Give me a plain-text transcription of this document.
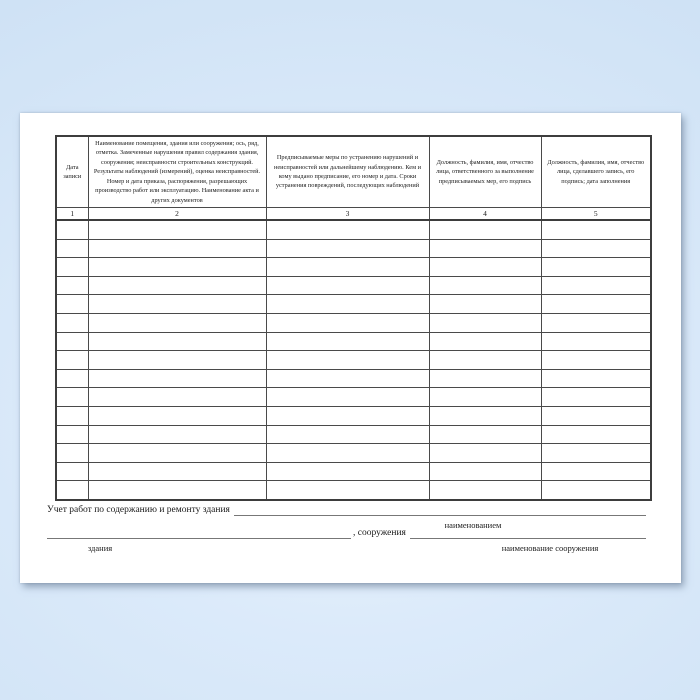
Дата записи	Наименование помещения, здания или сооружения; ось, ряд, отметка. Замеченные нарушения правил содержания здания, сооружения; неисправности строительных конструкций. Результаты наблюдений (измерений), оценка неисправностей. Номер и дата приказа, распоряжения, разрешающих производство работ или эксплуатацию. Наименование акта и других документов	Предписываемые меры по устранению нарушений и неисправностей или дальнейшему наблюдению. Кем и кому выдано предписание, его номер и дата. Сроки устранения повреждений, последующих наблюдений	Должность, фамилия, имя, отчество лица, ответственного за выполнение предписываемых мер, его подпись	Должность, фамилия, имя, отчество лица, сделавшего запись, его подпись; дата заполнения
1	2	3	4	5

Учет работ по содержанию и ремонту здания
наименованием
, сооружения
здания	наименование сооружения
